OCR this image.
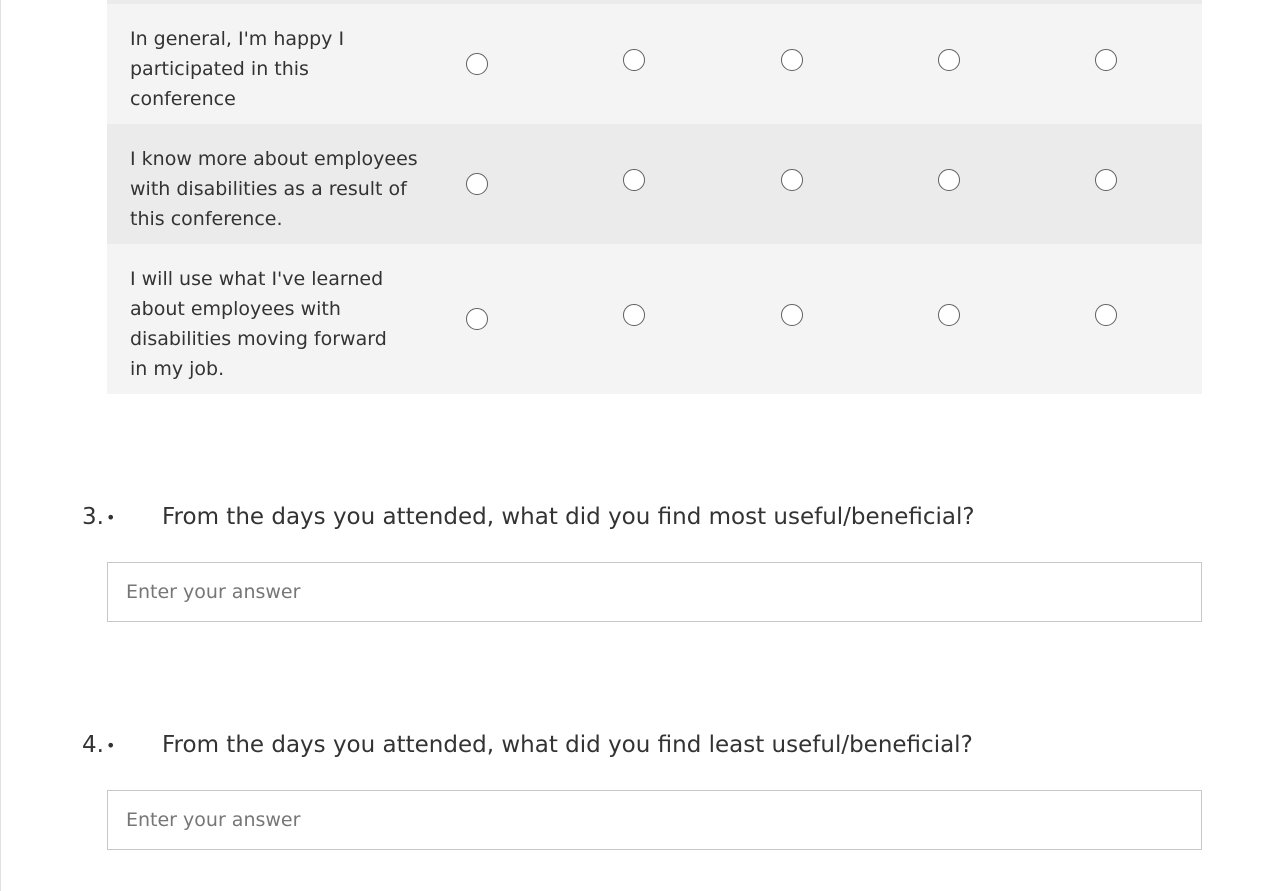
In general, I'm happy I participated in this conference
I know more about employees with disabilities as a result of this conference.
I will use what I've learned about employees with disabilities moving forward in my job.
3. • From the days you attended, what did you find most useful/beneficial?
Enter your answer
4. • From the days you attended, what did you find least useful/beneficial?
Enter your answer
